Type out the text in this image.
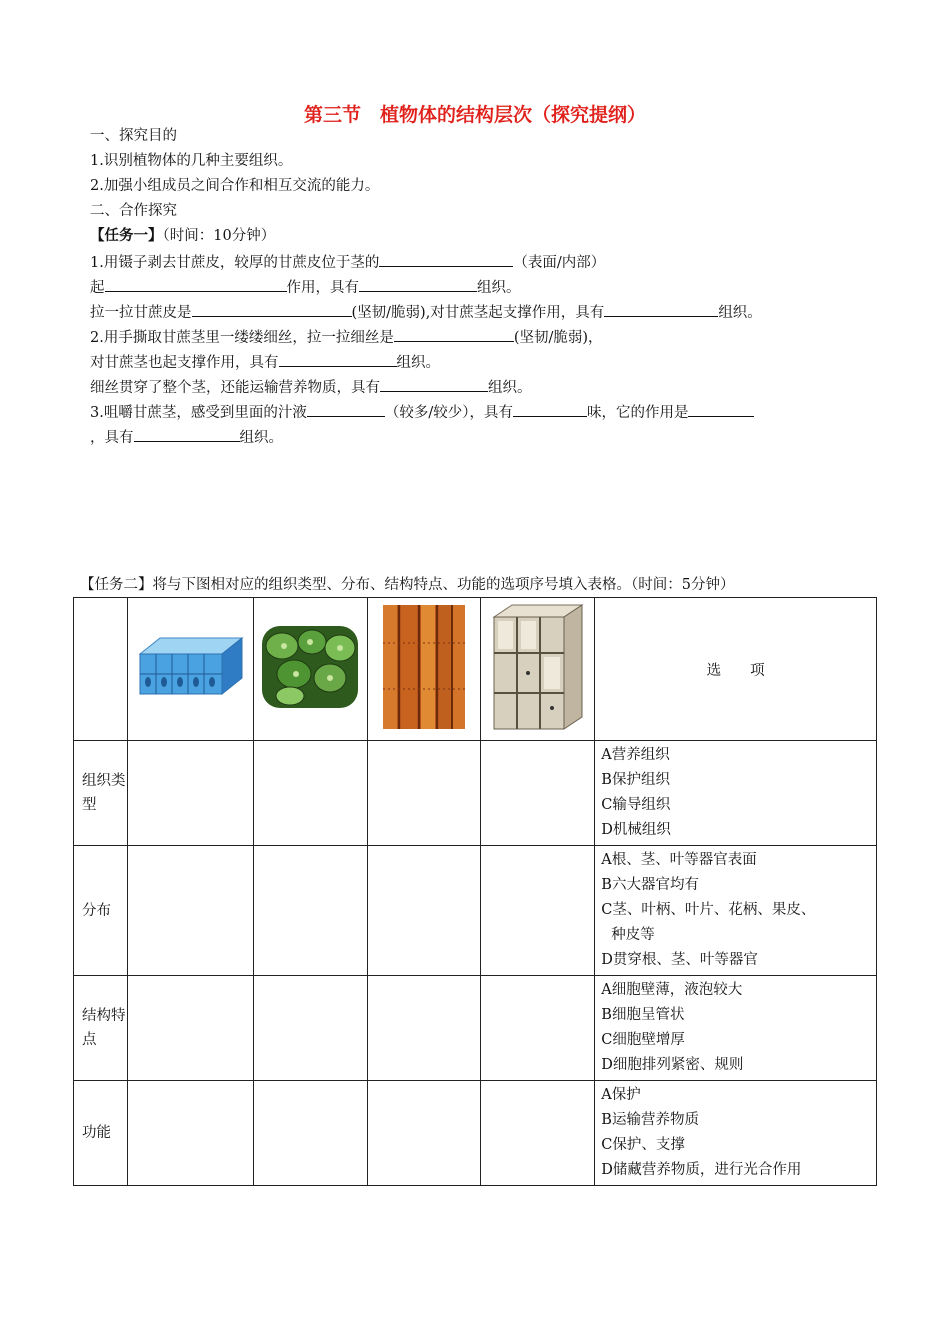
第三节　植物体的结构层次（探究提纲）
一、探究目的
1.识别植物体的几种主要组织。
2.加强小组成员之间合作和相互交流的能力。
二、合作探究
【任务一】（时间：10分钟）
1.用镊子剥去甘蔗皮，较厚的甘蔗皮位于茎的	（表面/内部）
起	作用，具有	组织。
拉一拉甘蔗皮是	(坚韧/脆弱),对甘蔗茎起支撑作用，具有	组织。
2.用手撕取甘蔗茎里一缕缕细丝，拉一拉细丝是	(坚韧/脆弱)，
对甘蔗茎也起支撑作用，具有	组织。
细丝贯穿了整个茎，还能运输营养物质，具有	组织。
3.咀嚼甘蔗茎，感受到里面的汁液	（较多/较少），具有	味，它的作用是
，具有	组织。
【任务二】将与下图相对应的组织类型、分布、结构特点、功能的选项序号填入表格。（时间：5分钟）
					选　　项
组织类型					A营养组织
B保护组织
C输导组织
D机械组织

分布					A根、茎、叶等器官表面
B六大器官均有
C茎、叶柄、叶片、花柄、果皮、
种皮等
D贯穿根、茎、叶等器官

结构特点					A细胞壁薄，液泡较大
B细胞呈管状
C细胞壁增厚
D细胞排列紧密、规则

功能					A保护
B运输营养物质
C保护、支撑
D储藏营养物质，进行光合作用
